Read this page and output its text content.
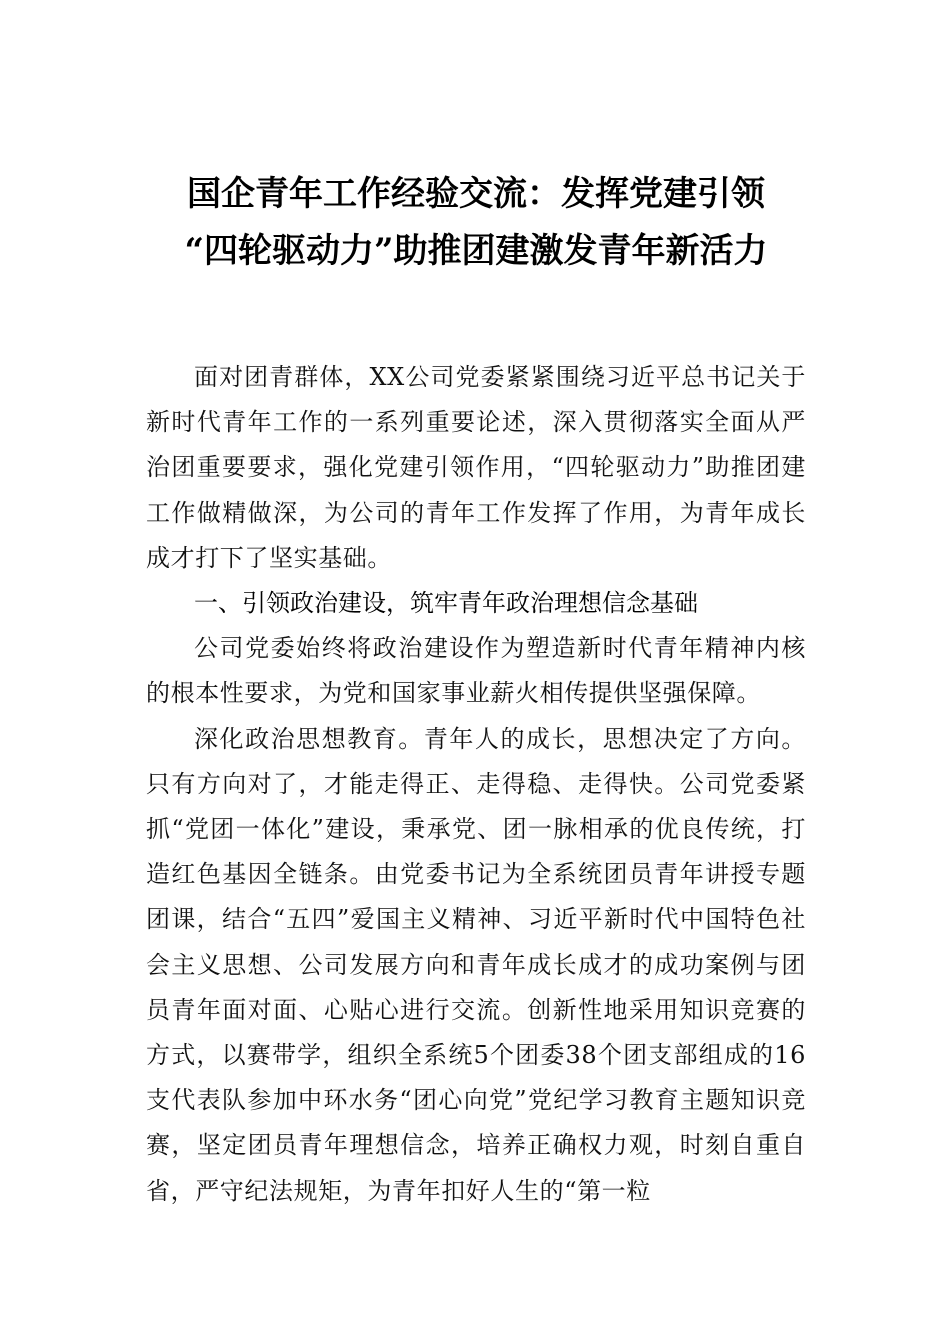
国企青年工作经验交流：发挥党建引领
“四轮驱动力”助推团建激发青年新活力

面对团青群体，XX公司党委紧紧围绕习近平总书记关于新时代青年工作的一系列重要论述，深入贯彻落实全面从严治团重要要求，强化党建引领作用，“四轮驱动力”助推团建工作做精做深，为公司的青年工作发挥了作用，为青年成长成才打下了坚实基础。

一、引领政治建设，筑牢青年政治理想信念基础

公司党委始终将政治建设作为塑造新时代青年精神内核的根本性要求，为党和国家事业薪火相传提供坚强保障。

深化政治思想教育。青年人的成长，思想决定了方向。只有方向对了，才能走得正、走得稳、走得快。公司党委紧抓“党团一体化”建设，秉承党、团一脉相承的优良传统，打造红色基因全链条。由党委书记为全系统团员青年讲授专题团课，结合“五四”爱国主义精神、习近平新时代中国特色社会主义思想、公司发展方向和青年成长成才的成功案例与团员青年面对面、心贴心进行交流。创新性地采用知识竞赛的方式，以赛带学，组织全系统5个团委38个团支部组成的16支代表队参加中环水务“团心向党”党纪学习教育主题知识竞赛，坚定团员青年理想信念，培养正确权力观，时刻自重自省，严守纪法规矩，为青年扣好人生的“第一粒
